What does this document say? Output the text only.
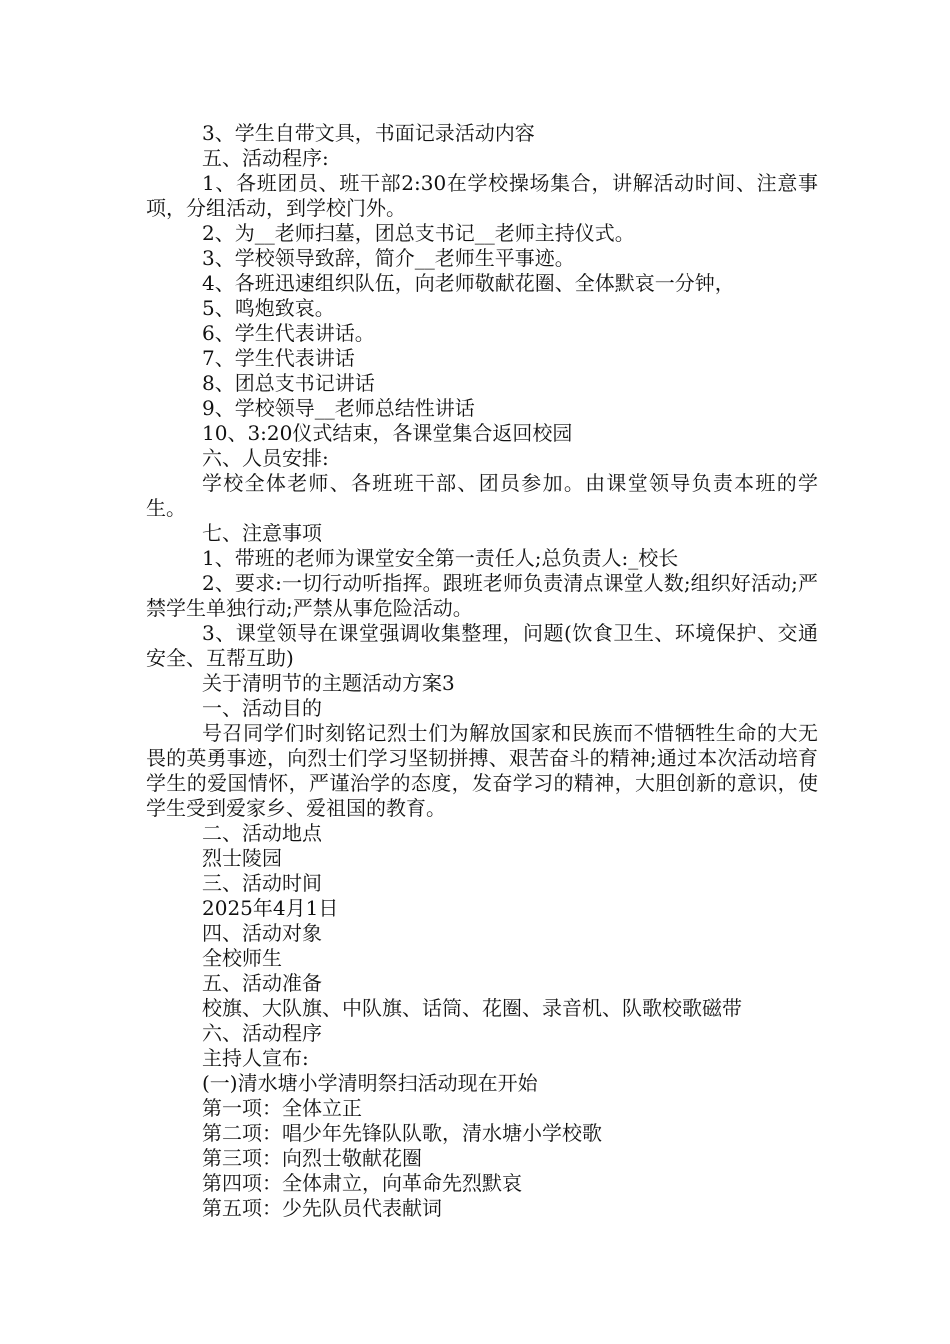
3、学生自带文具，书面记录活动内容

五、活动程序:

1、各班团员、班干部2:30在学校操场集合，讲解活动时间、注意事项，分组活动，到学校门外。

2、为__老师扫墓，团总支书记__老师主持仪式。

3、学校领导致辞，简介__老师生平事迹。

4、各班迅速组织队伍，向老师敬献花圈、全体默哀一分钟，

5、鸣炮致哀。

6、学生代表讲话。

7、学生代表讲话

8、团总支书记讲话

9、学校领导__老师总结性讲话

10、3:20仪式结束，各课堂集合返回校园

六、人员安排:

学校全体老师、各班班干部、团员参加。由课堂领导负责本班的学生。

七、注意事项

1、带班的老师为课堂安全第一责任人;总负责人:_校长

2、要求:一切行动听指挥。跟班老师负责清点课堂人数;组织好活动;严禁学生单独行动;严禁从事危险活动。

3、课堂领导在课堂强调收集整理，问题(饮食卫生、环境保护、交通安全、互帮互助)

关于清明节的主题活动方案3

一、活动目的

号召同学们时刻铭记烈士们为解放国家和民族而不惜牺牲生命的大无畏的英勇事迹，向烈士们学习坚韧拼搏、艰苦奋斗的精神;通过本次活动培育学生的爱国情怀，严谨治学的态度，发奋学习的精神，大胆创新的意识，使学生受到爱家乡、爱祖国的教育。

二、活动地点

烈士陵园

三、活动时间

2025年4月1日

四、活动对象

全校师生

五、活动准备

校旗、大队旗、中队旗、话筒、花圈、录音机、队歌校歌磁带

六、活动程序

主持人宣布:

(一)清水塘小学清明祭扫活动现在开始

第一项：全体立正

第二项：唱少年先锋队队歌，清水塘小学校歌

第三项：向烈士敬献花圈

第四项：全体肃立，向革命先烈默哀

第五项：少先队员代表献词
